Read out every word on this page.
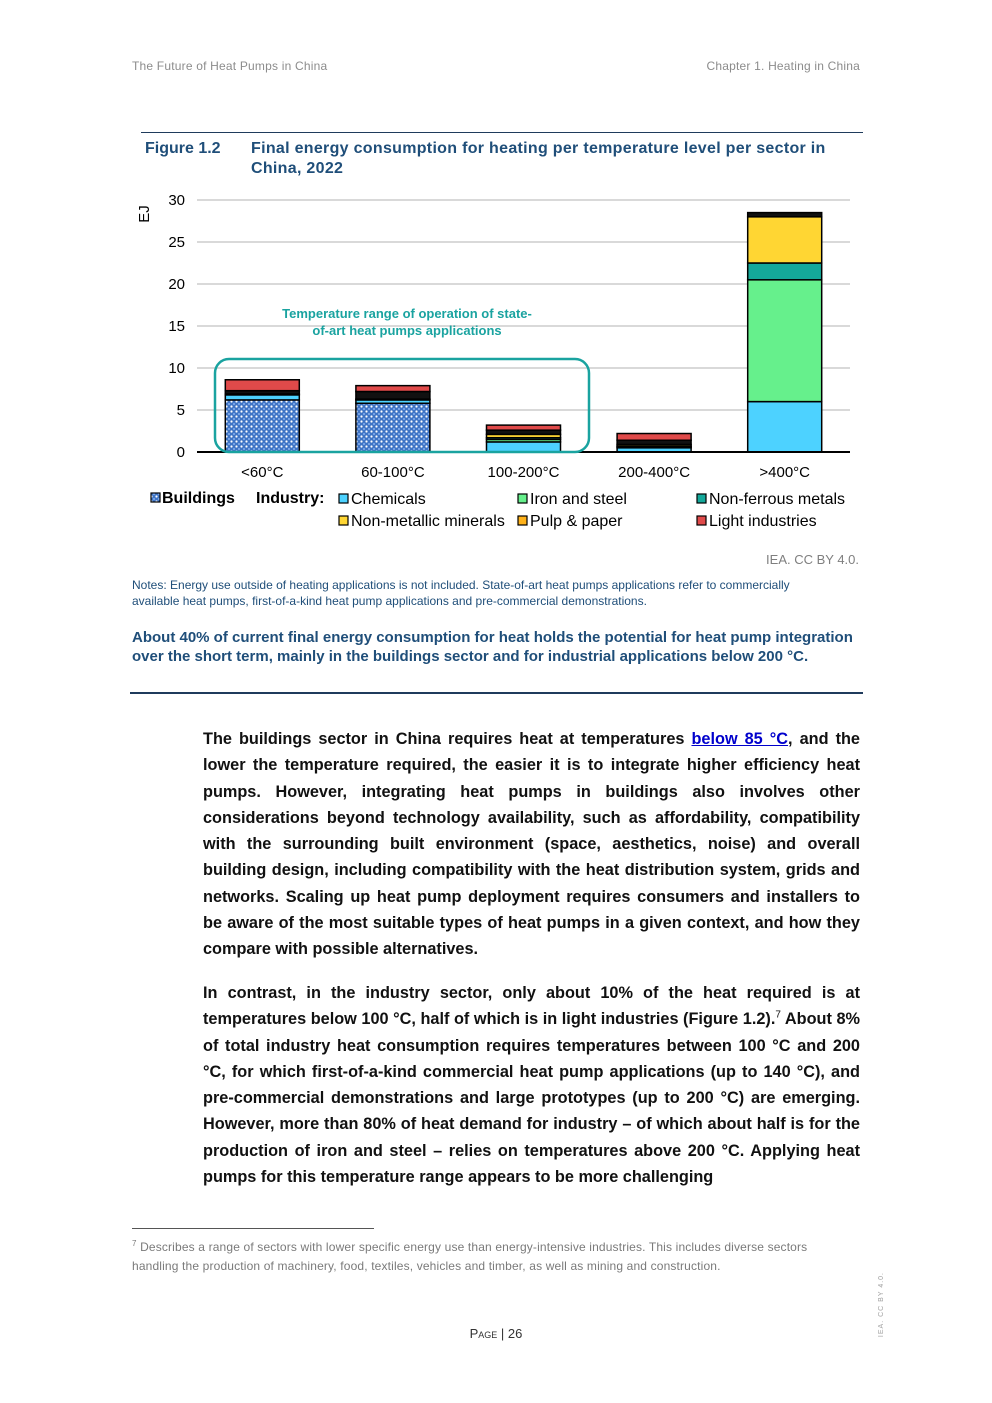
The Future of Heat Pumps in China	Chapter 1. Heating in China
Figure 1.2 Final energy consumption for heating per temperature level per sector in China, 2022
0
5
10
15
20
25
30
EJ
<60°C	60-100°C	100-200°C	200-400°C	>400°C
Temperature range of operation of state-
of-art heat pumps applications
Buildings Industry: Chemicals	Iron and steel	Non-ferrous metals
Non-metallic minerals Pulp & paper	Light industries
IEA. CC BY 4.0.
Notes: Energy use outside of heating applications is not included. State-of-art heat pumps applications refer to commercially available heat pumps, first-of-a-kind heat pump applications and pre-commercial demonstrations.
About 40% of current final energy consumption for heat holds the potential for heat pump integration over the short term, mainly in the buildings sector and for industrial applications below 200 °C.
The buildings sector in China requires heat at temperatures below 85 °C, and the lower the temperature required, the easier it is to integrate higher efficiency heat pumps. However, integrating heat pumps in buildings also involves other considerations beyond technology availability, such as affordability, compatibility with the surrounding built environment (space, aesthetics, noise) and overall building design, including compatibility with the heat distribution system, grids and networks. Scaling up heat pump deployment requires consumers and installers to be aware of the most suitable types of heat pumps in a given context, and how they compare with possible alternatives.
In contrast, in the industry sector, only about 10% of the heat required is at temperatures below 100 °C, half of which is in light industries (Figure 1.2).$^7$ About 8% of total industry heat consumption requires temperatures between 100 °C and 200 °C, for which first-of-a-kind commercial heat pump applications (up to 140 °C), and pre-commercial demonstrations and large prototypes (up to 200 °C) are emerging. However, more than 80% of heat demand for industry – of which about half is for the production of iron and steel – relies on temperatures above 200 °C. Applying heat pumps for this temperature range appears to be more challenging
$^7$ Describes a range of sectors with lower specific energy use than energy-intensive industries. This includes diverse sectors handling the production of machinery, food, textiles, vehicles and timber, as well as mining and construction.
Page | 26	IEA. CC BY 4.0.
